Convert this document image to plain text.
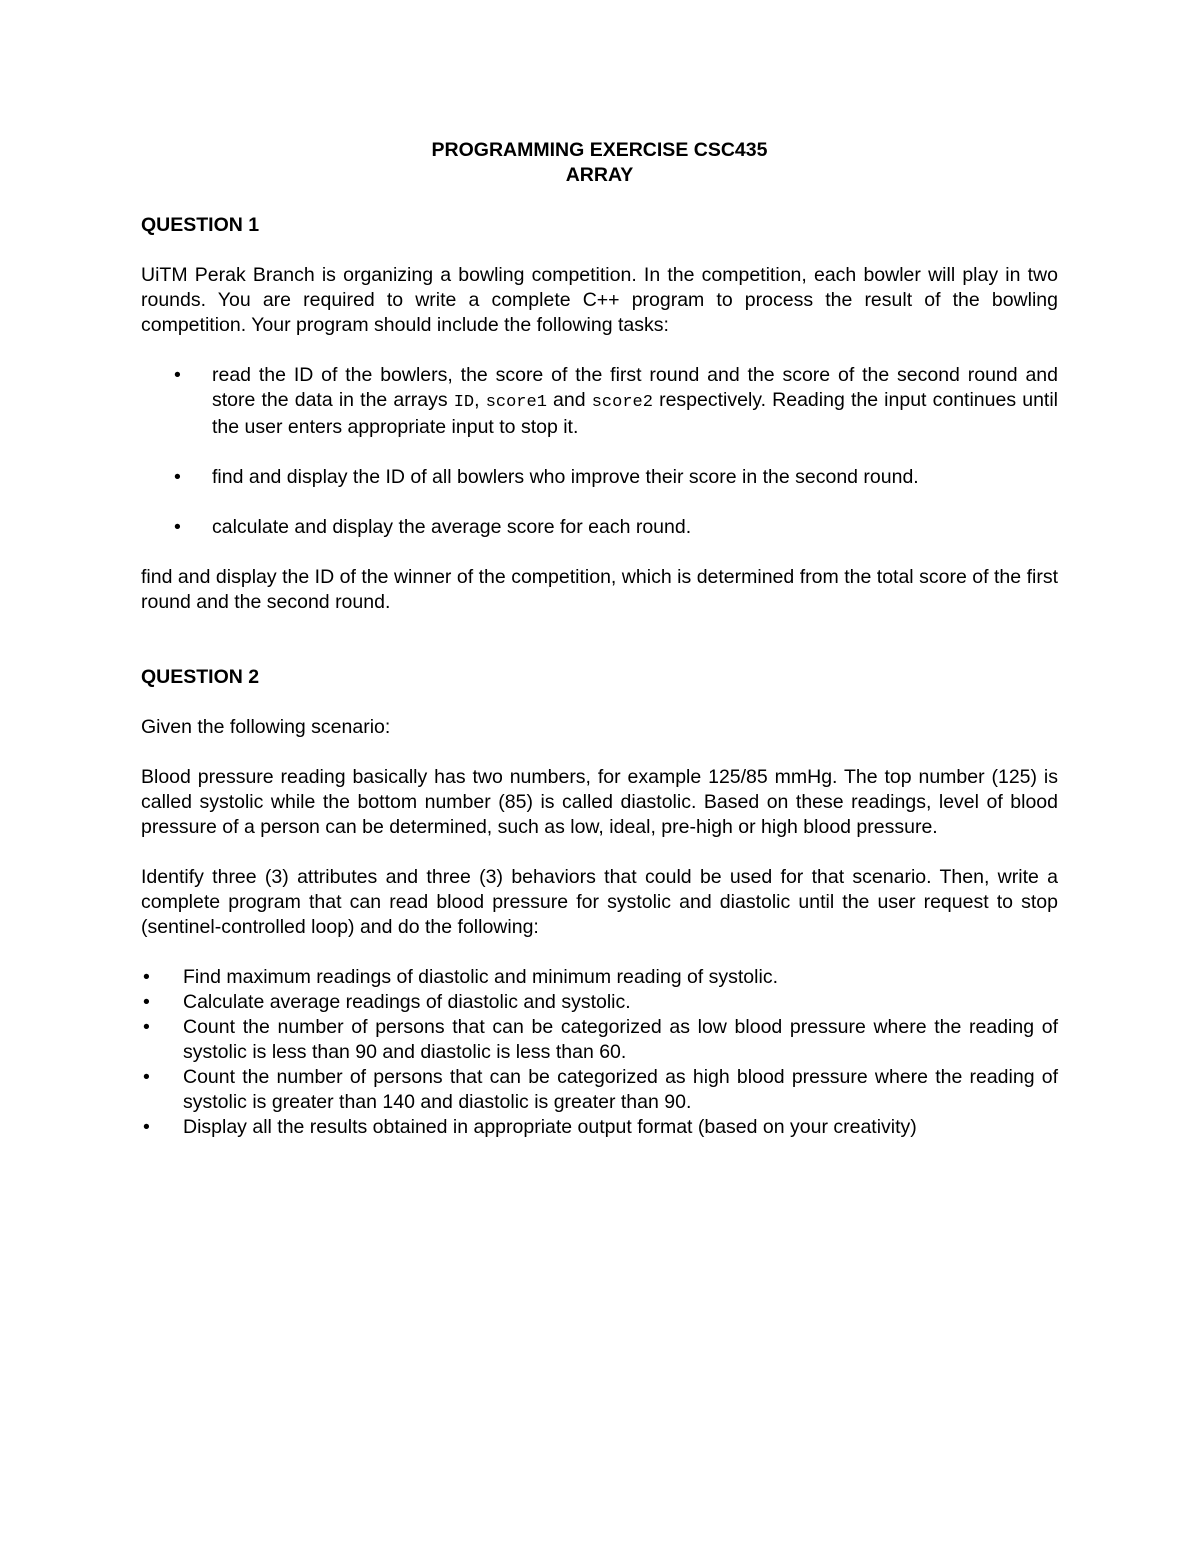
PROGRAMMING EXERCISE CSC435

ARRAY

QUESTION 1

UiTM Perak Branch is organizing a bowling competition. In the competition, each bowler will play in two rounds. You are required to write a complete C++ program to process the result of the bowling competition. Your program should include the following tasks:

• read the ID of the bowlers, the score of the first round and the score of the second round and store the data in the arrays ID, score1 and score2 respectively. Reading the input continues until the user enters appropriate input to stop it.
• find and display the ID of all bowlers who improve their score in the second round.
• calculate and display the average score for each round.

find and display the ID of the winner of the competition, which is determined from the total score of the first round and the second round.

QUESTION 2

Given the following scenario:

Blood pressure reading basically has two numbers, for example 125/85 mmHg. The top number (125) is called systolic while the bottom number (85) is called diastolic. Based on these readings, level of blood pressure of a person can be determined, such as low, ideal, pre-high or high blood pressure.

Identify three (3) attributes and three (3) behaviors that could be used for that scenario. Then, write a complete program that can read blood pressure for systolic and diastolic until the user request to stop (sentinel-controlled loop) and do the following:

• Find maximum readings of diastolic and minimum reading of systolic.
• Calculate average readings of diastolic and systolic.
• Count the number of persons that can be categorized as low blood pressure where the reading of systolic is less than 90 and diastolic is less than 60.
• Count the number of persons that can be categorized as high blood pressure where the reading of systolic is greater than 140 and diastolic is greater than 90.
• Display all the results obtained in appropriate output format (based on your creativity)
